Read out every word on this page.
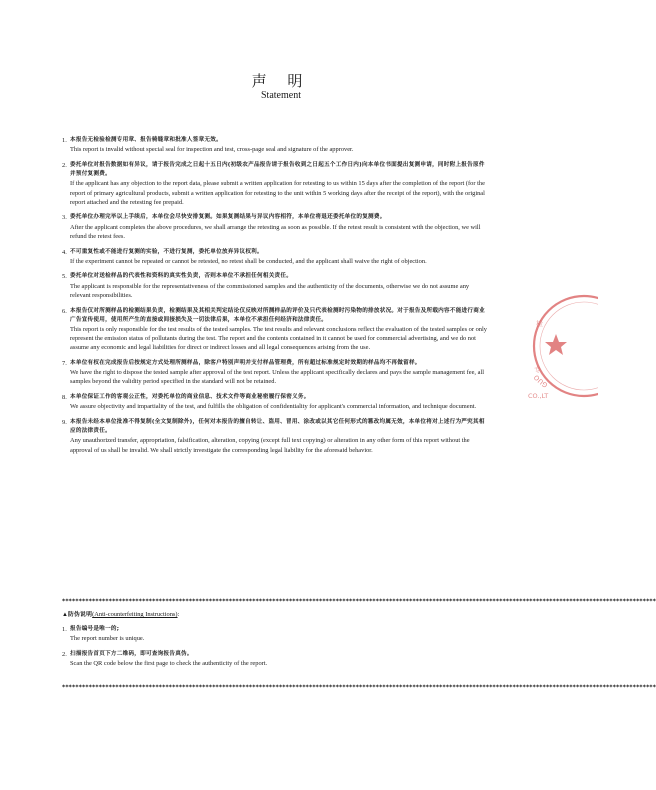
声 明
Statement
1. 本报告无检验检测专用章、报告骑缝章和批准人签章无效。
This report is invalid without special seal for inspection and test, cross-page seal and signature of the approver.
2. 委托单位对报告数据如有异议，请于报告完成之日起十五日内(初级农产品报告请于报告收到之日起五个工作日内)向本单位书面提出复测申请，同时附上报告原件并预付复测费。
If the applicant has any objection to the report data, please submit a written application for retesting to us within 15 days after the completion of the report (for the report of primary agricultural products, submit a written application for retesting to the unit within 5 working days after the receipt of the report), with the original report attached and the retesting fee prepaid.
3. 委托单位办理完毕以上手续后，本单位会尽快安排复测。如果复测结果与异议内容相符，本单位将退还委托单位的复测费。
After the applicant completes the above procedures, we shall arrange the retesting as soon as possible. If the retest result is consistent with the objection, we will refund the retest fees.
4. 不可重复性或不能进行复测的实验，不进行复测，委托单位放弃异议权利。
If the experiment cannot be repeated or cannot be retested, no retest shall be conducted, and the applicant shall waive the right of objection.
5. 委托单位对送检样品的代表性和资料的真实性负责，否则本单位不承担任何相关责任。
The applicant is responsible for the representativeness of the commissioned samples and the authenticity of the documents, otherwise we do not assume any relevant responsibilities.
6. 本报告仅对所测样品的检测结果负责，检测结果及其相关判定结论仅反映对所测样品的评价及只代表检测时污染物的排放状况。对于报告及所载内容不能进行商业广告宣传使用，使用所产生的直接或间接损失及一切法律后果，本单位不承担任何经济和法律责任。
This report is only responsible for the test results of the tested samples. The test results and relevant conclusions reflect the evaluation of the tested samples or only represent the emission status of pollutants during the test. The report and the contents contained in it cannot be used for commercial advertising, and we do not assume any economic and legal liabilities for direct or indirect losses and all legal consequences arising from the use.
7. 本单位有权在完成报告后按规定方式处理所测样品，除客户特别声明并支付样品管理费，所有超过标准规定时效期的样品均不再做留样。
We have the right to dispose the tested sample after approval of the test report. Unless the applicant specifically declares and pays the sample management fee, all samples beyond the validity period specified in the standard will not be retained.
8. 本单位保证工作的客观公正性，对委托单位的商业信息、技术文件等商业秘密履行保密义务。
We assure objectivity and impartiality of the test, and fulfills the obligation of confidentiality for applicant's commercial information, and technique document.
9. 本报告未经本单位批准不得复制(全文复制除外)，任何对本报告的擅自转让、盗用、冒用、涂改或以其它任何形式的篡改均属无效，本单位将对上述行为严究其相应的法律责任。
Any unauthorized transfer, appropriation, falsification, alteration, copying (except full text copying) or alteration in any other form of this report without the approval of us shall be invalid. We shall strictly investigate the corresponding legal liability for the aforesaid behavior.
**********************************************************************************************************************************************************************************
▲防伪说明(Anti-counterfeiting Instructions):
1. 报告编号是唯一的;
The report number is unique.
2. 扫描报告首页下方二维码，即可查询报告真伪。
Scan the QR code below the first page to check the authenticity of the report.
**********************************************************************************************************************************************************************************
GUO
CO.,LT
检
专
